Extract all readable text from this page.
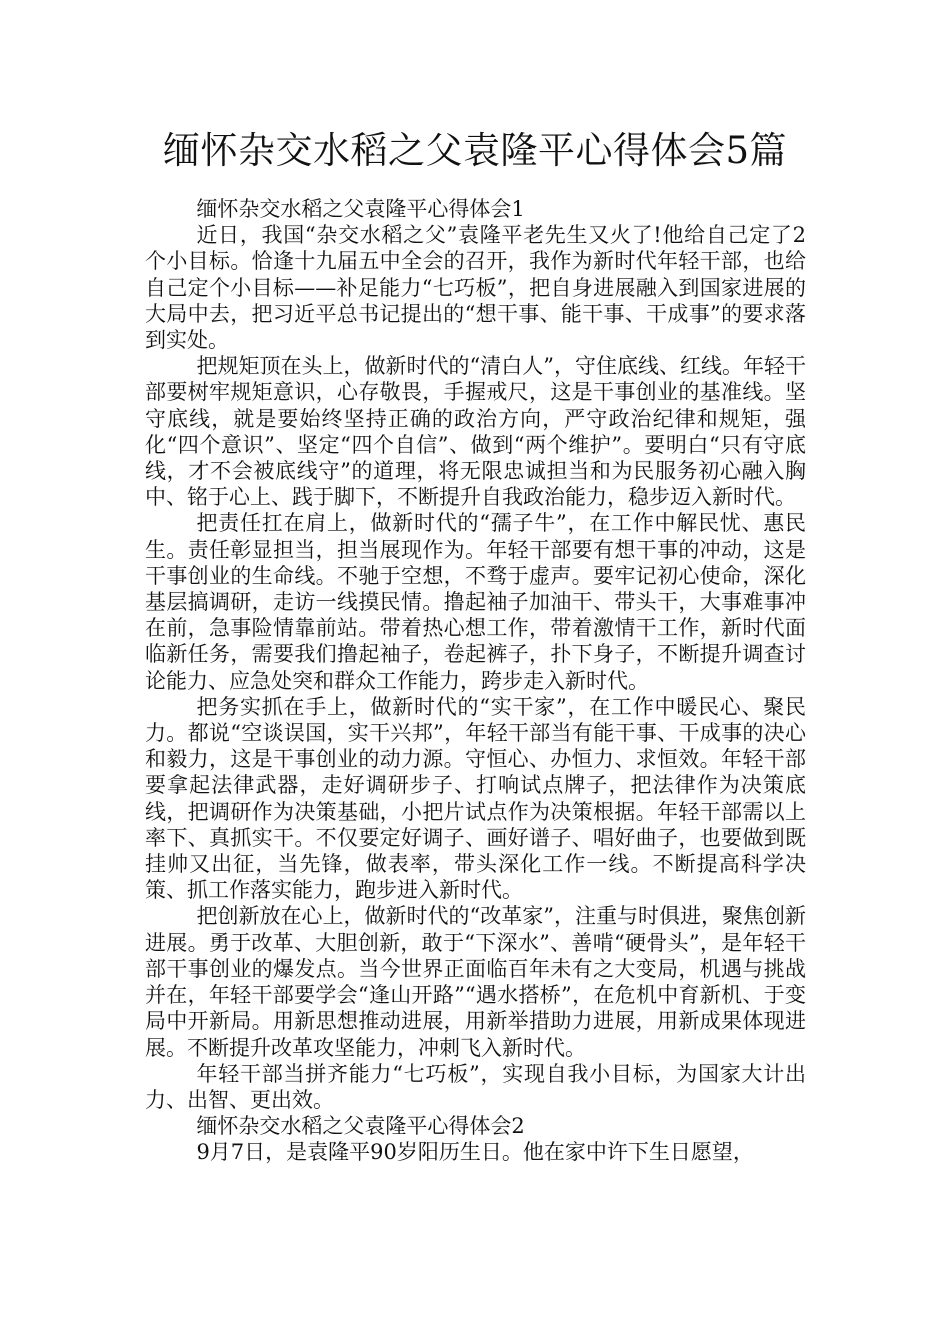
缅怀杂交水稻之父袁隆平心得体会5篇

缅怀杂交水稻之父袁隆平心得体会1

近日，我国“杂交水稻之父”袁隆平老先生又火了!他给自己定了2个小目标。恰逢十九届五中全会的召开，我作为新时代年轻干部，也给自己定个小目标——补足能力“七巧板”，把自身进展融入到国家进展的大局中去，把习近平总书记提出的“想干事、能干事、干成事”的要求落到实处。

把规矩顶在头上，做新时代的“清白人”，守住底线、红线。年轻干部要树牢规矩意识，心存敬畏，手握戒尺，这是干事创业的基准线。坚守底线，就是要始终坚持正确的政治方向，严守政治纪律和规矩，强化“四个意识”、坚定“四个自信”、做到“两个维护”。要明白“只有守底线，才不会被底线守”的道理，将无限忠诚担当和为民服务初心融入胸中、铭于心上、践于脚下，不断提升自我政治能力，稳步迈入新时代。

把责任扛在肩上，做新时代的“孺子牛”，在工作中解民忧、惠民生。责任彰显担当，担当展现作为。年轻干部要有想干事的冲动，这是干事创业的生命线。不驰于空想，不骛于虚声。要牢记初心使命，深化基层搞调研，走访一线摸民情。撸起袖子加油干、带头干，大事难事冲在前，急事险情靠前站。带着热心想工作，带着激情干工作，新时代面临新任务，需要我们撸起袖子，卷起裤子，扑下身子，不断提升调查讨论能力、应急处突和群众工作能力，跨步走入新时代。

把务实抓在手上，做新时代的“实干家”，在工作中暖民心、聚民力。都说“空谈误国，实干兴邦”，年轻干部当有能干事、干成事的决心和毅力，这是干事创业的动力源。守恒心、办恒力、求恒效。年轻干部要拿起法律武器，走好调研步子、打响试点牌子，把法律作为决策底线，把调研作为决策基础，小把片试点作为决策根据。年轻干部需以上率下、真抓实干。不仅要定好调子、画好谱子、唱好曲子，也要做到既挂帅又出征，当先锋，做表率，带头深化工作一线。不断提高科学决策、抓工作落实能力，跑步进入新时代。

把创新放在心上，做新时代的“改革家”，注重与时俱进，聚焦创新进展。勇于改革、大胆创新，敢于“下深水”、善啃“硬骨头”，是年轻干部干事创业的爆发点。当今世界正面临百年未有之大变局，机遇与挑战并在，年轻干部要学会“逢山开路”“遇水搭桥”，在危机中育新机、于变局中开新局。用新思想推动进展，用新举措助力进展，用新成果体现进展。不断提升改革攻坚能力，冲刺飞入新时代。

年轻干部当拼齐能力“七巧板”，实现自我小目标，为国家大计出力、出智、更出效。

缅怀杂交水稻之父袁隆平心得体会2

9月7日，是袁隆平90岁阳历生日。他在家中许下生日愿望，
